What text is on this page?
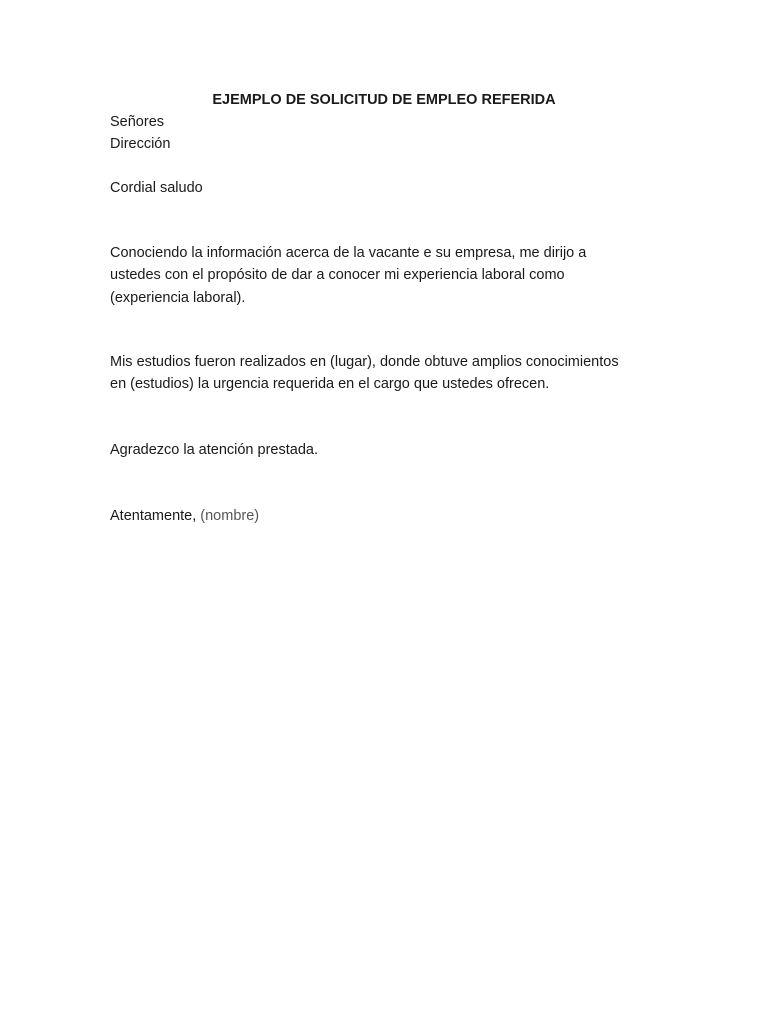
EJEMPLO DE SOLICITUD DE EMPLEO REFERIDA
Señores
Dirección
Cordial saludo
Conociendo la información acerca de la vacante e su empresa, me dirijo a
ustedes con el propósito de dar a conocer mi experiencia laboral como
(experiencia laboral).
Mis estudios fueron realizados en (lugar), donde obtuve amplios conocimientos
en (estudios) la urgencia requerida en el cargo que ustedes ofrecen.
Agradezco la atención prestada.
Atentamente, (nombre)
